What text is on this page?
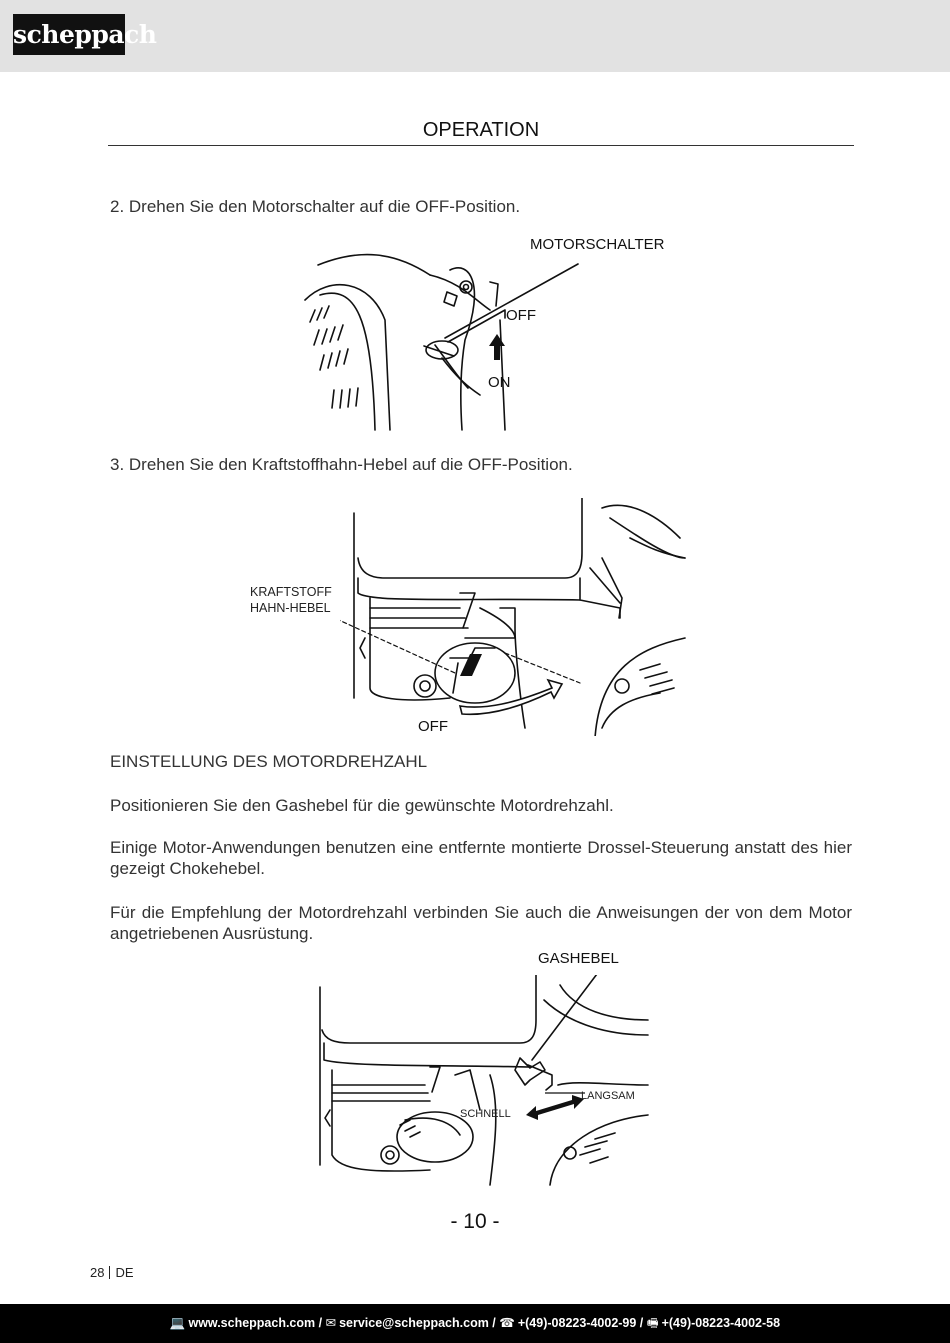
scheppach
OPERATION
2. Drehen Sie den Motorschalter auf die OFF-Position.
MOTORSCHALTER
OFF
ON
3. Drehen Sie den Kraftstoffhahn-Hebel auf die OFF-Position.
KRAFTSTOFF
HAHN-HEBEL
OFF
EINSTELLUNG DES MOTORDREHZAHL
Positionieren Sie den Gashebel für die gewünschte Motordrehzahl.
Einige Motor-Anwendungen benutzen eine entfernte montierte Drossel-Steuerung anstatt des hier gezeigt Chokehebel.
Für die Empfehlung der Motordrehzahl verbinden Sie auch die Anweisungen der von dem Motor angetriebenen Ausrüstung.
GASHEBEL
SCHNELL
LANGSAM
- 10 -
28 DE
💻 www.scheppach.com / ✉ service@scheppach.com / ☎ +(49)-08223-4002-99 / 🖷 +(49)-08223-4002-58
